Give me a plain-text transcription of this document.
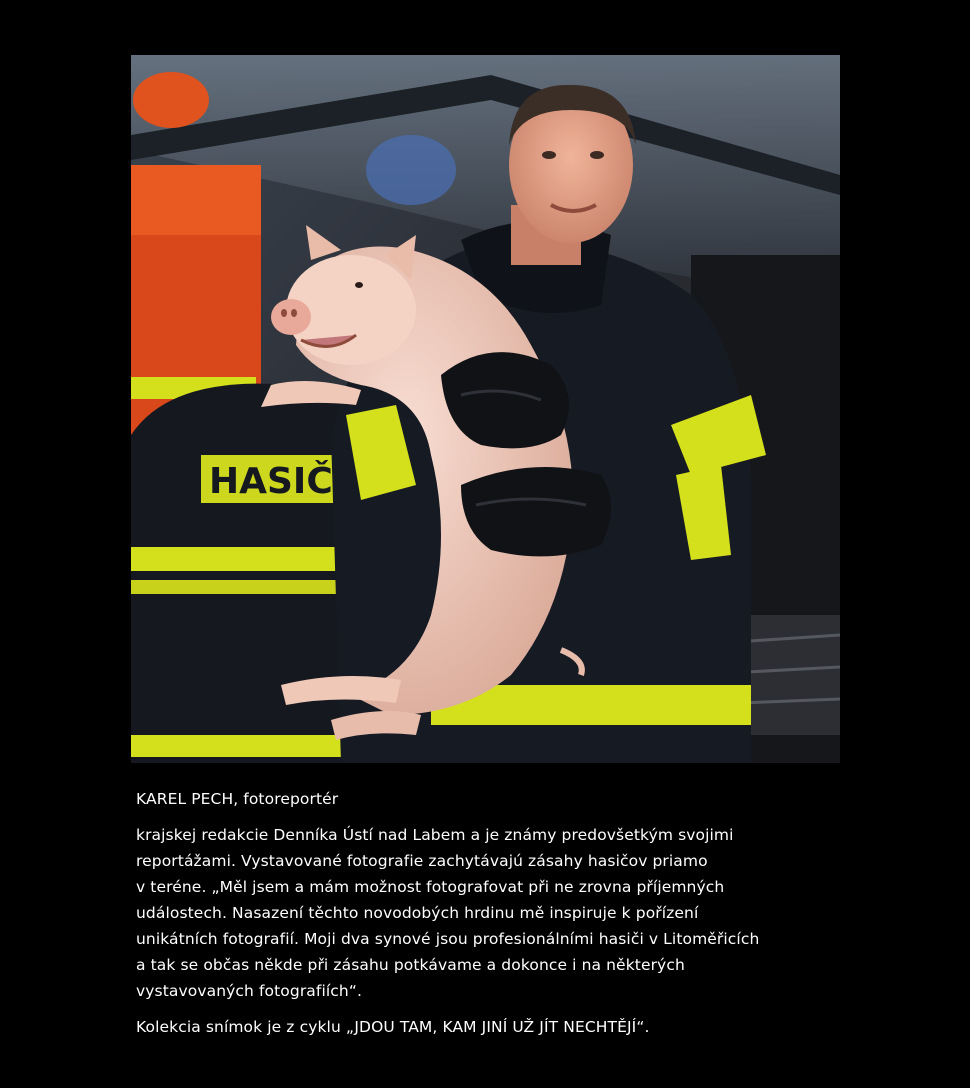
HASIČ

KAREL PECH, fotoreportér

krajskej redakcie Denníka Ústí nad Labem a je známy predovšetkým svojimi
reportážami. Vystavované fotografie zachytávajú zásahy hasičov priamo
v teréne. „Měl jsem a mám možnost fotografovat při ne zrovna příjemných
událostech. Nasazení těchto novodobých hrdinu mě inspiruje k pořízení
unikátních fotografií. Moji dva synové jsou profesionálními hasiči v Litoměřicích
a tak se občas někde při zásahu potkávame a dokonce i na některých
vystavovaných fotografiích“.

Kolekcia snímok je z cyklu „JDOU TAM, KAM JINÍ UŽ JÍT NECHTĚJÍ“.
